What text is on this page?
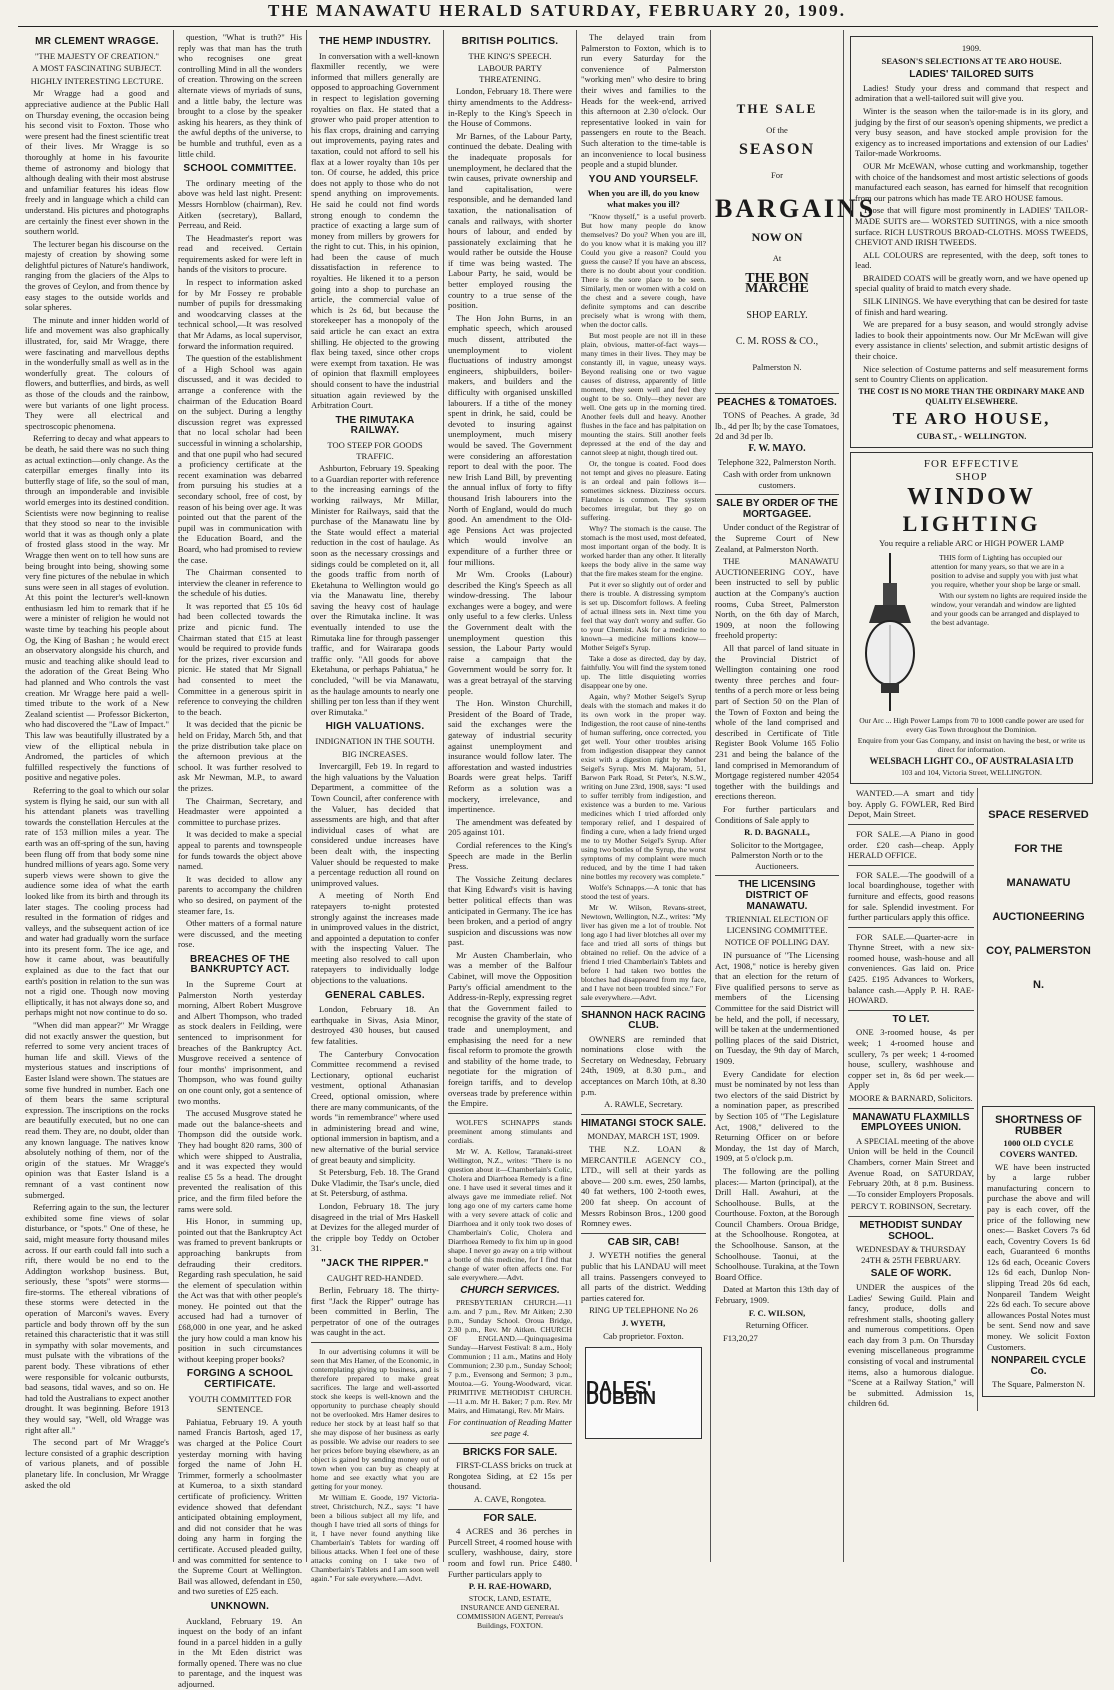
THE MANAWATU HERALD SATURDAY, FEBRUARY 20, 1909.
MR CLEMENT WRAGGE.
"THE MAJESTY OF CREATION."
A MOST FASCINATING SUBJECT.
HIGHLY INTERESTING LECTURE.

Mr Wragge had a good and appreciative audience at the Public Hall on Thursday evening, the occasion being his second visit to Foxton. Those who were present had the finest scientific treat of their lives. Mr Wragge is so thoroughly at home in his favourite theme of astronomy and biology that although dealing with their most abstruse and unfamiliar features his ideas flow freely and in language which a child can understand. His pictures and photographs are certainly the finest ever shown in the southern world.

The lecturer began his discourse on the majesty of creation by showing some delightful pictures of Nature's handiwork, ranging from the glaciers of the Alps to the groves of Ceylon, and from thence by easy stages to the outside worlds and solar spheres.

The minute and inner hidden world of life and movement was also graphically illustrated, for, said Mr Wragge, there were fascinating and marvellous depths in the wonderfully small as well as in the wonderfully great. The colours of flowers, and butterflies, and birds, as well as those of the clouds and the rainbow, were but variants of one light process. They were all electrical and spectroscopic phenomena.

Referring to decay and what appears to be death, he said there was no such thing as actual extinction—only change. As the caterpillar emerges finally into its butterfly stage of life, so the soul of man, through an imponderable and invisible world emerges into its destined condition. Scientists were now beginning to realise that they stood so near to the invisible world that it was as though only a plate of frosted glass stood in the way. Mr Wragge then went on to tell how suns are being brought into being, showing some very fine pictures of the nebulae in which suns were seen in all stages of evolution. At this point the lecturer's well-known enthusiasm led him to remark that if he were a minister of religion he would not waste time by teaching his people about Og, the King of Bashan ; he would erect an observatory alongside his church, and music and teaching alike should lead to the adoration of the Great Being Who had planned and Who controls the vast creation. Mr Wragge here paid a well-timed tribute to the work of a New Zealand scientist — Professor Bickerton, who had discovered the "Law of Impact." This law was beautifully illustrated by a view of the elliptical nebula in Andromed, the particles of which fulfilled respectively the functions of positive and negative poles.

Referring to the goal to which our solar system is flying he said, our sun with all his attendant planets was travelling towards the constellation Hercules at the rate of 153 million miles a year. The earth was an off-spring of the sun, having been flung off from that body some nine hundred millions of years ago. Some very superb views were shown to give the audience some idea of what the earth looked like from its birth and through its later stages. The cooling process had resulted in the formation of ridges and valleys, and the subsequent action of ice and water had gradually worn the surface into its present form. The ice age, and how it came about, was beautifully explained as due to the fact that our earth's position in relation to the sun was not a rigid one. Though now moving elliptically, it has not always done so, and perhaps might not now continue to do so.

"When did man appear?" Mr Wragge did not exactly answer the question, but referred to some very ancient traces of human life and skill. Views of the mysterious statues and inscriptions of Easter Island were shown. The statues are some five hundred in number. Each one of them bears the same scriptural expression. The inscriptions on the rocks are beautifully executed, but no one can read them. They are, no doubt, older than any known language. The natives know absolutely nothing of them, nor of the origin of the statues. Mr Wragge's opinion was that Easter Island is a remnant of a vast continent now submerged.

Referring again to the sun, the lecturer exhibited some fine views of solar disturbance, or "spots." One of these, he said, might measure forty thousand miles across. If our earth could fall into such a rift, there would be no end to the Addington workshop business. But, seriously, these "spots" were storms—fire-storms. The ethereal vibrations of these storms were detected in the operation of Marconi's waves. Every particle and body thrown off by the sun retained this characteristic that it was still in sympathy with solar movements, and must pulsate with the vibrations of the parent body. These vibrations of ether were responsible for volcanic outbursts, bad seasons, tidal waves, and so on. He had told the Australians to expect another drought. It was beginning. Before 1913 they would say, "Well, old Wragge was right after all."

The second part of Mr Wragge's lecture consisted of a graphic description of various planets, and of possible planetary life. In conclusion, Mr Wragge asked the old

question, "What is truth?" His reply was that man has the truth who recognises one great controlling Mind in all the wonders of creation. Throwing on the screen alternate views of myriads of suns, and a little baby, the lecture was brought to a close by the speaker asking his hearers, as they think of the awful depths of the universe, to be humble and truthful, even as a little child.

SCHOOL COMMITTEE.

The ordinary meeting of the above was held last night. Present: Messrs Hornblow (chairman), Rev. Aitken (secretary), Ballard, Perreau, and Reid.

The Headmaster's report was read and received. Certain requirements asked for were left in hands of the visitors to procure.

In respect to information asked for by Mr Fossey re probable number of pupils for dressmaking and woodcarving classes at the technical school,—It was resolved that Mr Adams, as local supervisor, forward the information required.

The question of the establishment of a High School was again discussed, and it was decided to arrange a conference with the chairman of the Education Board on the subject. During a lengthy discussion regret was expressed that no local scholar had been successful in winning a scholarship, and that one pupil who had secured a proficiency certificate at the recent examination was debarred from pursuing his studies at a secondary school, free of cost, by reason of his being over age. It was pointed out that the parent of the pupil was in communication with the Education Board, and the Board, who had promised to review the case.

The Chairman consented to interview the cleaner in reference to the schedule of his duties.

It was reported that £5 10s 6d had been collected towards the prize and picnic fund. The Chairman stated that £15 at least would be required to provide funds for the prizes, river excursion and picnic. He stated that Mr Signall had consented to meet the Committee in a generous spirit in reference to conveying the children to the beach.

It was decided that the picnic be held on Friday, March 5th, and that the prize distribution take place on the afternoon previous at the school. It was further resolved to ask Mr Newman, M.P., to award the prizes.

The Chairman, Secretary, and Headmaster were appointed a committee to purchase prizes.

It was decided to make a special appeal to parents and townspeople for funds towards the object above named.

It was decided to allow any parents to accompany the children who so desired, on payment of the steamer fare, 1s.

Other matters of a formal nature were discussed, and the meeting rose.

BREACHES OF THE BANKRUPTCY ACT.

In the Supreme Court at Palmerston North yesterday morning, Albert Robert Musgrove and Albert Thompson, who traded as stock dealers in Feilding, were sentenced to imprisonment for breaches of the Bankruptcy Act. Musgrove received a sentence of four months' imprisonment, and Thompson, who was found guilty on one count only, got a sentence of two months.

The accused Musgrove stated he made out the balance-sheets and Thompson did the outside work. They had bought 820 rams, 300 of which were shipped to Australia, and it was expected they would realise £5 5s a head. The drought prevented the realisation of this price, and the firm filed before the rams were sold.

His Honor, in summing up, pointed out that the Bankruptcy Act was framed to prevent bankrupts or approaching bankrupts from defrauding their creditors. Regarding rash speculation, he said the element of speculation within the Act was that with other people's money. He pointed out that the accused had had a turnover of £68,000 in one year, and he asked the jury how could a man know his position in such circumstances without keeping proper books?

FORGING A SCHOOL CERTIFICATE.
YOUTH COMMITTED FOR SENTENCE.

Pahiatua, February 19. A youth named Francis Bartosh, aged 17, was charged at the Police Court yesterday morning with having forged the name of John H. Trimmer, formerly a schoolmaster at Kumeroa, to a sixth standard certificate of proficiency. Written evidence showed that defendant anticipated obtaining employment, and did not consider that he was doing any harm in forging the certificate. Accused pleaded guilty, and was committed for sentence to the Supreme Court at Wellington. Bail was allowed, defendant in £50, and two sureties of £25 each.

UNKNOWN.

Auckland, February 19. An inquest on the body of an infant found in a parcel hidden in a gully in the Mt Eden district was formally opened. There was no clue to parentage, and the inquest was adjourned.

THE HEMP INDUSTRY.

In conversation with a well-known flaxmiller recently, we were informed that millers generally are opposed to approaching Government in respect to legislation governing royalties on flax. He stated that a grower who paid proper attention to his flax crops, draining and carrying out improvements, paying rates and taxation, could not afford to sell his flax at a lower royalty than 10s per ton. Of course, he added, this price does not apply to those who do not spend anything on improvements. He said he could not find words strong enough to condemn the practice of exacting a large sum of money from millers by growers for the right to cut. This, in his opinion, had been the cause of much dissatisfaction in reference to royalties. He likened it to a person going into a shop to purchase an article, the commercial value of which is 2s 6d, but because the storekeeper has a monopoly of the said article he can exact an extra shilling. He objected to the growing flax being taxed, since other crops were exempt from taxation. He was of opinion that flaxmill employees should consent to have the industrial situation again reviewed by the Arbitration Court.

THE RIMUTAKA RAILWAY.
TOO STEEP FOR GOODS TRAFFIC.

Ashburton, February 19. Speaking to a Guardian reporter with reference to the increasing earnings of the working railways, Mr Millar, Minister for Railways, said that the purchase of the Manawatu line by the State would effect a material reduction in the cost of haulage. As soon as the necessary crossings and sidings could be completed on it, all the goods traffic from north of Eketahuna to Wellington would go via the Manawatu line, thereby saving the heavy cost of haulage over the Rimutaka incline. It was eventually intended to use the Rimutaka line for through passenger traffic, and for Wairarapa goods traffic only. "All goods for above Eketahuna, or perhaps Pahiatua," he concluded, "will be via Manawatu, as the haulage amounts to nearly one shilling per ton less than if they went over Rimutaka."

HIGH VALUATIONS.
INDIGNATION IN THE SOUTH.
BIG INCREASES.

Invercargill, Feb 19. In regard to the high valuations by the Valuation Department, a committee of the Town Council, after conference with the Valuer, has decided that assessments are high, and that after individual cases of what are considered undue increases have been dealt with, the inspecting Valuer should be requested to make a percentage reduction all round on unimproved values.

A meeting of North End ratepayers to-night protested strongly against the increases made in unimproved values in the district, and appointed a deputation to confer with the inspecting Valuer. The meeting also resolved to call upon ratepayers to individually lodge objections to the valuations.

GENERAL CABLES.

London, February 18. An earthquake in Sivas, Asia Minor, destroyed 430 houses, but caused few fatalities.

The Canterbury Convocation Committee recommend a revised Lectionary, optional eucharist vestment, optional Athanasian Creed, optional omission, where there are many communicants, of the words "in remembrance" where used in administering bread and wine, optional immersion in baptism, and a new alternative of the burial service of great beauty and simplicity.

St Petersburg, Feb. 18. The Grand Duke Vladimir, the Tsar's uncle, died at St. Petersburg, of asthma.

London, February 18. The jury disagreed in the trial of Mrs Haskell at Devizes for the alleged murder of the cripple boy Teddy on October 31.

"JACK THE RIPPER."
CAUGHT RED-HANDED.

Berlin, February 18. The thirty-first "Jack the Ripper" outrage has been committed in Berlin, The perpetrator of one of the outrages was caught in the act.

In our advertising columns it will be seen that Mrs Hamer, of the Economic, in contemplating giving up business, and is therefore prepared to make great sacrifices. The large and well-assorted stock she keeps is well-known and the opportunity to purchase cheaply should not be overlooked. Mrs Hamer desires to reduce her stock by at least half so that she may dispose of her business as early as possible. We advise our readers to see her prices before buying elsewhere, as an object is gained by sending money out of town when you can buy as cheaply at home and see exactly what you are getting for your money.

Mr William E. Goode, 197 Victoria-street, Christchurch, N.Z., says: "I have been a bilious subject all my life, and though I have tried all sorts of things for it, I have never found anything like Chamberlain's Tablets for warding off bilious attacks. When I feel one of these attacks coming on I take two of Chamberlain's Tablets and I am soon well again." For sale everywhere.—Advt.

BRITISH POLITICS.
THE KING'S SPEECH.
LABOUR PARTY THREATENING.

London, February 18. There were thirty amendments to the Address-in-Reply to the King's Speech in the House of Commons.

Mr Barnes, of the Labour Party, continued the debate. Dealing with the inadequate proposals for unemployment, he declared that the twin causes, private ownership and land capitalisation, were responsible, and he demanded land taxation, the nationalisation of canals and railways, with shorter hours of labour, and ended by passionately exclaiming that he would rather be outside the House if time was being wasted. The Labour Party, he said, would be better employed rousing the country to a true sense of the position.

The Hon John Burns, in an emphatic speech, which aroused much dissent, attributed the unemployment to violent fluctuations of industry amongst engineers, shipbuilders, boiler-makers, and builders and the difficulty with organised unskilled labourers. If a tithe of the money spent in drink, he said, could be devoted to insuring against unemployment, much misery would be saved. The Government were considering an afforestation report to deal with the poor. The new Irish Land Bill, by preventing the annual influx of forty to fifty thousand Irish labourers into the North of England, would do much good. An amendment to the Old-age Pensions Act was projected which would involve an expenditure of a further three or four millions.

Mr Wm. Crooks (Labour) described the King's Speech as all window-dressing. The labour exchanges were a bogey, and were only useful to a few clerks. Unless the Government dealt with the unemployment question this session, the Labour Party would raise a campaign that the Government would be sorry for. It was a great betrayal of the starving people.

The Hon. Winston Churchill, President of the Board of Trade, said the exchanges were the gateway of industrial security against unemployment and insurance would follow later. The afforestation and wasted industries Boards were great helps. Tariff Reform as a solution was a mockery, irrelevance, and impertinence.

The amendment was defeated by 205 against 101.

Cordial references to the King's Speech are made in the Berlin Press.

The Vossiche Zeitung declares that King Edward's visit is having better political effects than was anticipated in Germany. The ice has been broken, and a period of angry suspicion and discussions was now past.

Mr Austen Chamberlain, who was a member of the Balfour Cabinet, will move the Opposition Party's official amendment to the Address-in-Reply, expressing regret that the Government failed to recognise the gravity of the state of trade and unemployment, and emphasising the need for a new fiscal reform to promote the growth and stability of the home trade, to negotiate for the migration of foreign tariffs, and to develop overseas trade by preference within the Empire.

WOLFE'S SCHNAPPS stands preeminent among stimulants and cordials.

Mr W. A. Kellow, Taranaki-street Wellington, N.Z., writes: "There is no question about it—Chamberlain's Colic, Cholera and Diarrhoea Remedy is a fine one. I have used it several times and it always gave me immediate relief. Not long ago one of my carters came home with a very severe attack of colic and Diarrhoea and it only took two doses of Chamberlain's Colic, Cholera and Diarrhoea Remedy to fix him up in good shape. I never go away on a trip without a bottle of this medicine, for I find that change of water often affects one. For sale everywhere.—Advt.

CHURCH SERVICES.

PRESBYTERIAN CHURCH.—11 a.m. and 7 p.m., Rev. Mr Aitken; 2.30 p.m., Sunday School. Oroua Bridge, 2.30 p.m., Rev. Mr Aitken. CHURCH OF ENGLAND.—Quinquagesima Sunday—Harvest Festival: 8 a.m., Holy Communion ; 11 a.m., Matins and Holy Communion; 2.30 p.m., Sunday School; 7 p.m., Evensong and Sermon; 3 p.m., Moutoa.—G. Young-Woodward, vicar. PRIMITIVE METHODIST CHURCH.—11 a.m. Mr H. Baker; 7 p.m. Rev. Mr Mairs, and Himatangi, Rev. Mr Mairs.

For continuation of Reading Matter see page 4.
BRICKS FOR SALE.

FIRST-CLASS bricks on truck at Rongotea Siding, at £2 15s per thousand.

A. CAVE, Rongotea.

FOR SALE.

4 ACRES and 36 perches in Purcell Street, 4 roomed house with scullery, washhouse, dairy, store room and fowl run. Price £480. Further particulars apply to

P. H. RAE-HOWARD,

STOCK, LAND, ESTATE, INSURANCE AND GENERAL COMMISSION AGENT, Perreau's Buildings, FOXTON.

The delayed train from Palmerston to Foxton, which is to run every Saturday for the convenience of Palmerston "working men" who desire to bring their wives and families to the Heads for the week-end, arrived this afternoon at 2.30 o'clock. Our representative looked in vain for passengers en route to the Beach. Such alteration to the time-table is an inconvenience to local business people and a stupid blunder.

YOU AND YOURSELF.
When you are ill, do you know what makes you ill?

"Know thyself," is a useful proverb. But how many people do know themselves? Do you? When you are ill, do you know what it is making you ill? Could you give a reason? Could you guess the cause? If you have an abscess, there is no doubt about your condition. There is the sore place to be seen. Similarly, men or women with a cold on the chest and a severe cough, have definite symptoms and can describe precisely what is wrong with them, when the doctor calls.

But most people are not ill in these plain, obvious, matter-of-fact ways—many times in their lives. They may be constantly ill, in vague, uneasy ways. Beyond realising one or two vague causes of distress, apparently of little moment, they seem well and feel they ought to be so. Only—they never are well. One gets up in the morning tired. Another feels dull and heavy. Another flushes in the face and has palpitation on mounting the stairs. Still another feels depressed at the end of the day and cannot sleep at night, though tired out.

Or, the tongue is coated. Food does not tempt and gives no pleasure. Eating is an ordeal and pain follows it—sometimes sickness. Dizziness occurs. Flatulence is common. The system becomes irregular, but they go on suffering.

Why? The stomach is the cause. The stomach is the most used, most defeated, most important organ of the body. It is worked harder than any other. It literally keeps the body alive in the same way that the fire makes steam for the engine.

Put it ever so slightly out of order and there is trouble. A distressing symptom is set up. Discomfort follows. A feeling of actual illness sets in. Next time you feel that way don't worry and suffer. Go to your Chemist. Ask for a medicine to known—a medicine millions know—Mother Seigel's Syrup.

Take a dose as directed, day by day, faithfully. You will find the system toned up. The little disquieting worries disappear one by one.

Again, why? Mother Seigel's Syrup deals with the stomach and makes it do its own work in the proper way. Indigestion, the root cause of nine-tenths of human suffering, once corrected, you get well. Your other troubles arising from indigestion disappear they cannot exist with a digestion right by Mother Seigel's Syrup. Mrs M. Majoram, 51, Barwon Park Road, St Peter's, N.S.W., writing on June 23rd, 1908, says: "I used to suffer terribly from indigestion, and existence was a burden to me. Various medicines which I tried afforded only temporary relief, and I despaired of finding a cure, when a lady friend urged me to try Mother Seigel's Syrup. After using two bottles of the Syrup, the worst symptoms of my complaint were much reduced, and by the time I had taken nine bottles my recovery was complete."

Wolfe's Schnapps.—A tonic that has stood the test of years.

Mr W. Wilson, Revans-street, Newtown, Wellington, N.Z., writes: "My liver has given me a lot of trouble. Not long ago I had liver blotches all over my face and tried all sorts of things but obtained no relief. On the advice of a friend I tried Chamberlain's Tablets and before I had taken two bottles the blotches had disappeared from my face, and I have not been troubled since." For sale everywhere.—Advt.

SHANNON HACK RACING CLUB.

OWNERS are reminded that nominations close with the Secretary on Wednesday, February 24th, 1909, at 8.30 p.m., and acceptances on March 10th, at 8.30 p.m.

A. RAWLE, Secretary.

HIMATANGI STOCK SALE.
MONDAY, MARCH 1ST, 1909.

THE N.Z. LOAN & MERCANTILE AGENCY CO., LTD., will sell at their yards as above— 200 s.m. ewes, 250 lambs, 40 fat wethers, 100 2-tooth ewes, 200 fat sheep. On account of Messrs Robinson Bros., 1200 good Romney ewes.

CAB SIR, CAB!

J. WYETH notifies the general public that his LANDAU will meet all trains. Passengers conveyed to all parts of the district. Wedding parties catered for.

RING UP TELEPHONE No 26

J. WYETH,

Cab proprietor. Foxton.

DALES' DUBBIN
THE SALE
Of the
SEASON
For
BARGAINS
NOW ON
At
THE BON MARCHE
SHOP EARLY.
C. M. ROSS & CO.,
Palmerston N.
PEACHES & TOMATOES.

TONS of Peaches. A grade, 3d lb., 4d per lb; by the case Tomatoes, 2d and 3d per lb.

F. W. MAYO.

Telephone 322, Palmerston North.

Cash with order from unknown customers.

SALE BY ORDER OF THE MORTGAGEE.

Under conduct of the Registrar of the Supreme Court of New Zealand, at Palmerston North.

THE MANAWATU AUCTIONEERING COY., have been instructed to sell by public auction at the Company's auction rooms, Cuba Street, Palmerston North, on the 6th day of March, 1909, at noon the following freehold property:

All that parcel of land situate in the Provincial District of Wellington containing one rood twenty three perches and four-tenths of a perch more or less being part of Section 50 on the Plan of the Town of Foxton and being the whole of the land comprised and described in Certificate of Title Register Book Volume 165 Folio 231 and being the balance of the land comprised in Memorandum of Mortgage registered number 42054 together with the buildings and erections thereon.

For further particulars and Conditions of Sale apply to

R. D. BAGNALL,

Solicitor to the Mortgagee, Palmerston North or to the Auctioneers.

THE LICENSING DISTRICT OF MANAWATU.
TRIENNIAL ELECTION OF LICENSING COMMITTEE.
NOTICE OF POLLING DAY.

IN pursuance of "The Licensing Act, 1908," notice is hereby given that an election for the return of Five qualified persons to serve as members of the Licensing Committee for the said District will be held, and the poll, if necessary, will be taken at the undermentioned polling places of the said District, on Tuesday, the 9th day of March, 1909.

Every Candidate for election must be nominated by not less than two electors of the said District by a nomination paper, as prescribed by Section 105 of "The Legislature Act, 1908," delivered to the Returning Officer on or before Monday, the 1st day of March, 1909, at 5 o'clock p.m.

The following are the polling places:— Marton (principal), at the Drill Hall. Awahuri, at the Schoolhouse. Bulls, at the Courthouse. Foxton, at the Borough Council Chambers. Oroua Bridge, at the Schoolhouse. Rongotea, at the Schoolhouse. Sanson, at the Schoolhouse. Taonui, at the Schoolhouse. Turakina, at the Town Board Office.

Dated at Marton this 13th day of February, 1909.

F. C. WILSON,

Returning Officer.

F13,20,27

1909.
SEASON'S SELECTIONS AT TE ARO HOUSE.
LADIES' TAILORED SUITS

Ladies! Study your dress and command that respect and admiration that a well-tailored suit will give you.

Winter is the season when the tailor-made is in its glory, and judging by the first of our season's opening shipments, we predict a very busy season, and have stocked ample provision for the exigency as to increased importations and extension of our Ladies' Tailor-made Workrooms.

OUR Mr McEWAN, whose cutting and workmanship, together with choice of the handsomest and most artistic selections of goods manufactured each season, has earned for himself that recognition from our patrons which has made TE ARO HOUSE famous.

Those that will figure most prominently in LADIES' TAILOR-MADE SUITS are— WORSTED SUITINGS, with a nice smooth surface. RICH LUSTROUS BROAD-CLOTHS. MOSS TWEEDS, CHEVIOT AND IRISH TWEEDS.

ALL COLOURS are represented, with the deep, soft tones to lead.

BRAIDED COATS will be greatly worn, and we have opened up special quality of braid to match every shade.

SILK LININGS. We have everything that can be desired for taste of finish and hard wearing.

We are prepared for a busy season, and would strongly advise ladies to book their appointments now. Our Mr McEwan will give every assistance in clients' selection, and submit artistic designs of their choice.

Nice selection of Costume patterns and self measurement forms sent to Country Clients on application.

THE COST IS NO MORE THAN THE ORDINARY MAKE AND QUALITY ELSEWHERE.
TE ARO HOUSE,
CUBA ST., - WELLINGTON.
FOR EFFECTIVE
SHOP
WINDOW
LIGHTING
You require a reliable ARC or HIGH POWER LAMP

THIS form of Lighting has occupied our attention for many years, so that we are in a position to advise and supply you with just what you require, whether your shop be large or small.

With our system no lights are required inside the window, your verandah and window are lighted and your goods can be arranged and displayed to the best advantage.

Our Arc ... High Power Lamps from 70 to 1000 candle power are used for every Gas Town throughout the Dominion.

Enquire from your Gas Company, and insist on having the best, or write us direct for information.

WELSBACH LIGHT CO., OF AUSTRALASIA LTD
103 and 104, Victoria Street, WELLINGTON.

WANTED.—A smart and tidy boy. Apply G. FOWLER, Red Bird Depot, Main Street.

FOR SALE.—A Piano in good order. £20 cash—cheap. Apply HERALD OFFICE.

FOR SALE.—The goodwill of a local boardinghouse, together with furniture and effects, good reasons for sale. Splendid investment. For further particulars apply this office.

FOR SALE.—Quarter-acre in Thynne Street, with a new six-roomed house, wash-house and all conveniences. Gas laid on. Price £425. £195 Advances to Workers, balance cash.—Apply P. H. RAE-HOWARD.

TO LET.

ONE 3-roomed house, 4s per week; 1 4-roomed house and scullery, 7s per week; 1 4-roomed house, scullery, washhouse and copper set in, 8s 6d per week.—Apply

MOORE & BARNARD, Solicitors.

MANAWATU FLAXMILLS EMPLOYEES UNION.

A SPECIAL meeting of the above Union will be held in the Council Chambers, corner Main Street and Avenue Road, on SATURDAY, February 20th, at 8 p.m. Business.—To consider Employers Proposals.

PERCY T. ROBINSON, Secretary.

METHODIST SUNDAY SCHOOL.
WEDNESDAY & THURSDAY 24TH & 25TH FEBRUARY.
SALE OF WORK.

UNDER the auspices of the Ladies' Sewing Guild. Plain and fancy, produce, dolls and refreshment stalls, shooting gallery and numerous competitions. Open each day from 3 p.m. On Thursday evening miscellaneous programme consisting of vocal and instrumental items, also a humorous dialogue. "Scene at a Railway Station," will be submitted. Admission 1s, children 6d.

SPACE RESERVED FOR THE MANAWATU AUCTIONEERING COY, PALMERSTON N.
SHORTNESS OF RUBBER
1000 OLD CYCLE COVERS WANTED.

WE have been instructed by a large rubber manufacturing concern to purchase the above and will pay is each cover, off the price of the following new ones:— Basket Covers 7s 6d each, Coventry Covers 1s 6d each, Guaranteed 6 months 12s 6d each, Oceanic Covers 12s 6d each, Dunlop Non-slipping Tread 20s 6d each, Nonpareil Tandem Weight 22s 6d each. To secure above allowances Postal Notes must be sent. Send now and save money. We solicit Foxton Customers.

NONPAREIL CYCLE Co.
The Square, Palmerston N.
